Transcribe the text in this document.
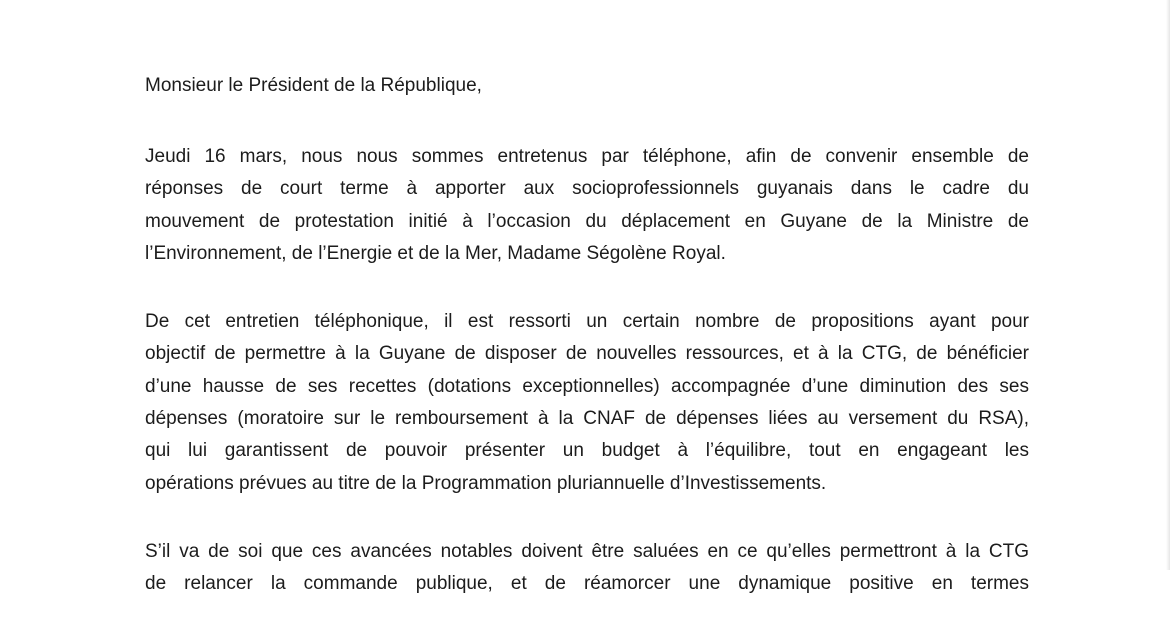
Monsieur le Président de la République,

Jeudi 16 mars, nous nous sommes entretenus par téléphone, afin de convenir ensemble de
réponses de court terme à apporter aux socioprofessionnels guyanais dans le cadre du
mouvement de protestation initié à l’occasion du déplacement en Guyane de la Ministre de
l’Environnement, de l’Energie et de la Mer, Madame Ségolène Royal.

De cet entretien téléphonique, il est ressorti un certain nombre de propositions ayant pour
objectif de permettre à la Guyane de disposer de nouvelles ressources, et à la CTG, de bénéficier
d’une hausse de ses recettes (dotations exceptionnelles) accompagnée d’une diminution des ses
dépenses (moratoire sur le remboursement à la CNAF de dépenses liées au versement du RSA),
qui lui garantissent de pouvoir présenter un budget à l’équilibre, tout en engageant les
opérations prévues au titre de la Programmation pluriannuelle d’Investissements.

S’il va de soi que ces avancées notables doivent être saluées en ce qu’elles permettront à la CTG
de relancer la commande publique, et de réamorcer une dynamique positive en termes
